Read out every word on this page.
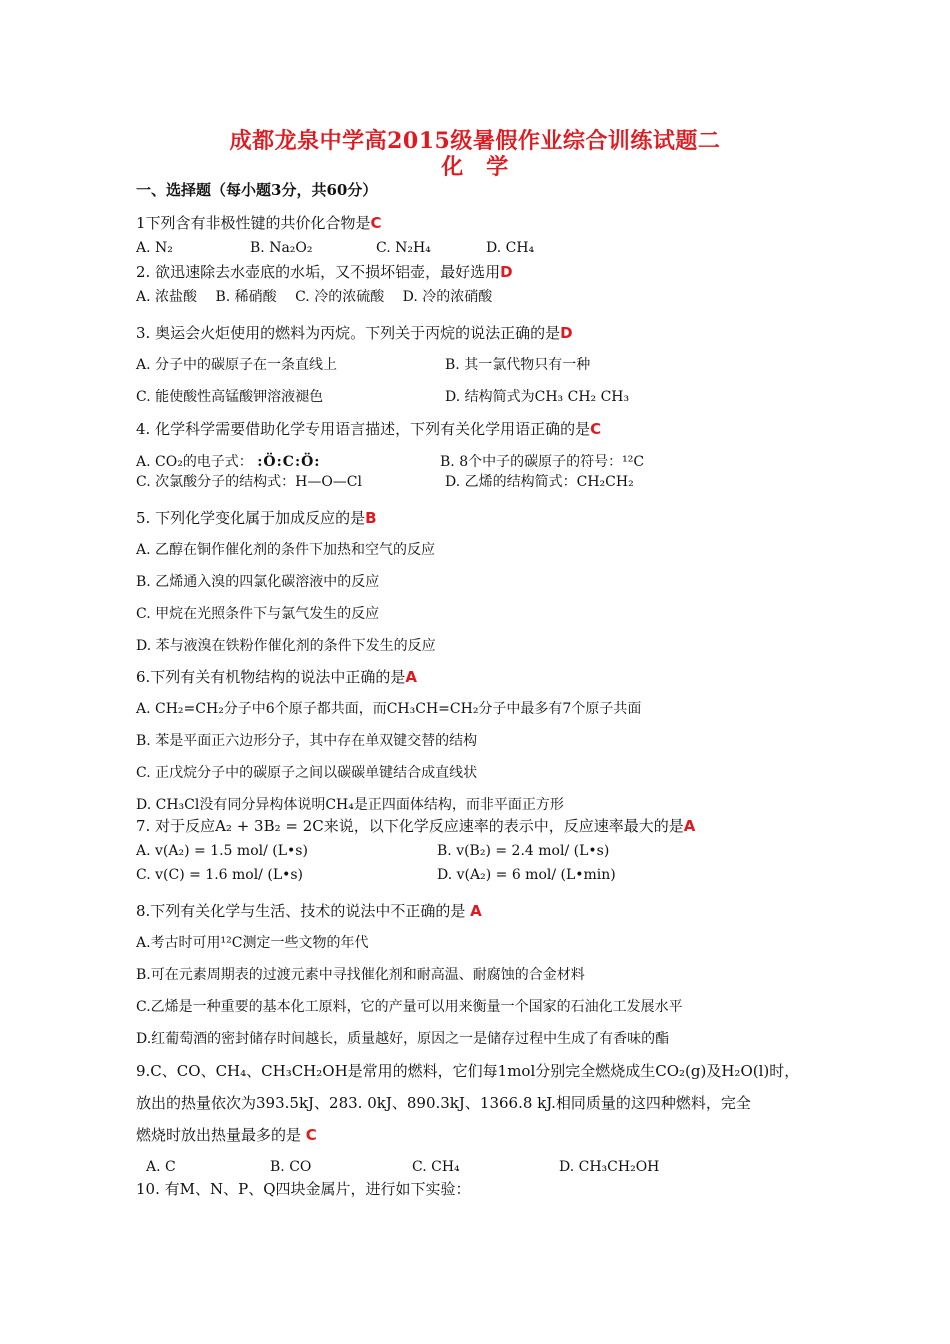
成都龙泉中学高2015级暑假作业综合训练试题二
化　学
一、选择题（每小题3分，共60分）
1下列含有非极性键的共价化合物是C
A. N₂	B. Na₂O₂	C. N₂H₄	D. CH₄
2. 欲迅速除去水壶底的水垢，又不损坏铝壶，最好选用D
A. 浓盐酸　 B. 稀硝酸　 C. 冷的浓硫酸　 D. 冷的浓硝酸
3. 奥运会火炬使用的燃料为丙烷。下列关于丙烷的说法正确的是D
A. 分子中的碳原子在一条直线上	B. 其一氯代物只有一种
C. 能使酸性高锰酸钾溶液褪色	D. 结构简式为CH₃ CH₂ CH₃
4. 化学科学需要借助化学专用语言描述，下列有关化学用语正确的是C
A. CO₂的电子式： :Ö:C:Ö:	B. 8个中子的碳原子的符号：¹²C
C. 次氯酸分子的结构式：H—O—Cl	D. 乙烯的结构简式：CH₂CH₂
5. 下列化学变化属于加成反应的是B
A. 乙醇在铜作催化剂的条件下加热和空气的反应
B. 乙烯通入溴的四氯化碳溶液中的反应
C. 甲烷在光照条件下与氯气发生的反应
D. 苯与液溴在铁粉作催化剂的条件下发生的反应
6.下列有关有机物结构的说法中正确的是A
A. CH₂=CH₂分子中6个原子都共面，而CH₃CH=CH₂分子中最多有7个原子共面
B. 苯是平面正六边形分子，其中存在单双键交替的结构
C. 正戊烷分子中的碳原子之间以碳碳单键结合成直线状
D. CH₃Cl没有同分异构体说明CH₄是正四面体结构，而非平面正方形
7. 对于反应A₂ + 3B₂ = 2C来说，以下化学反应速率的表示中，反应速率最大的是A
A. v(A₂) = 1.5 mol/ (L•s)	B. v(B₂) = 2.4 mol/ (L•s)
C. v(C) = 1.6 mol/ (L•s)	D. v(A₂) = 6 mol/ (L•min)
8.下列有关化学与生活、技术的说法中不正确的是 A
A.考古时可用¹²C测定一些文物的年代
B.可在元素周期表的过渡元素中寻找催化剂和耐高温、耐腐蚀的合金材料
C.乙烯是一种重要的基本化工原料，它的产量可以用来衡量一个国家的石油化工发展水平
D.红葡萄酒的密封储存时间越长，质量越好，原因之一是储存过程中生成了有香味的酯
9.C、CO、CH₄、CH₃CH₂OH是常用的燃料，它们每1mol分别完全燃烧成生CO₂(g)及H₂O(l)时，
放出的热量依次为393.5kJ、283. 0kJ、890.3kJ、1366.8 kJ.相同质量的这四种燃料，完全
燃烧时放出热量最多的是 C
A. C	B. CO	C. CH₄	D. CH₃CH₂OH
10. 有M、N、P、Q四块金属片，进行如下实验：
